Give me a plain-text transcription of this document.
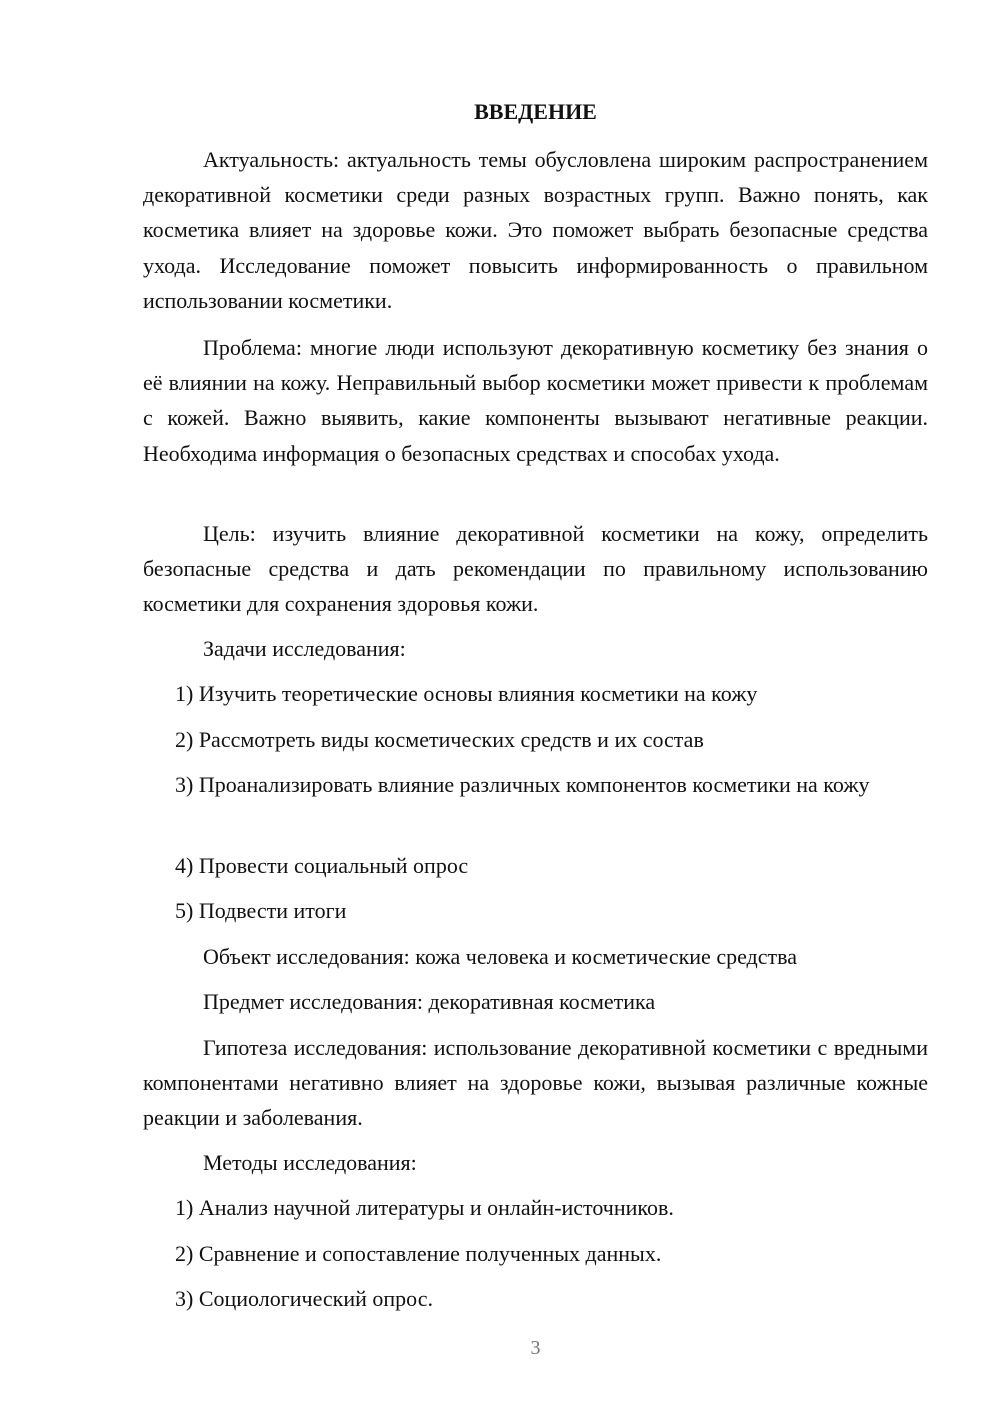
ВВЕДЕНИЕ

Актуальность: актуальность темы обусловлена широким распространением декоративной косметики среди разных возрастных групп. Важно понять, как косметика влияет на здоровье кожи. Это поможет выбрать безопасные средства ухода. Исследование поможет повысить информированность о правильном использовании косметики.

Проблема: многие люди используют декоративную косметику без знания о её влиянии на кожу. Неправильный выбор косметики может привести к проблемам с кожей. Важно выявить, какие компоненты вызывают негативные реакции. Необходима информация о безопасных средствах и способах ухода.

Цель: изучить влияние декоративной косметики на кожу, определить безопасные средства и дать рекомендации по правильному использованию косметики для сохранения здоровья кожи.

Задачи исследования:

1) Изучить теоретические основы влияния косметики на кожу

2) Рассмотреть виды косметических средств и их состав

3) Проанализировать влияние различных компонентов косметики на кожу

4) Провести социальный опрос

5) Подвести итоги

Объект исследования: кожа человека и косметические средства

Предмет исследования: декоративная косметика

Гипотеза исследования: использование декоративной косметики с вредными компонентами негативно влияет на здоровье кожи, вызывая различные кожные реакции и заболевания.

Методы исследования:

1) Анализ научной литературы и онлайн-источников.

2) Сравнение и сопоставление полученных данных.

3) Социологический опрос.

3
